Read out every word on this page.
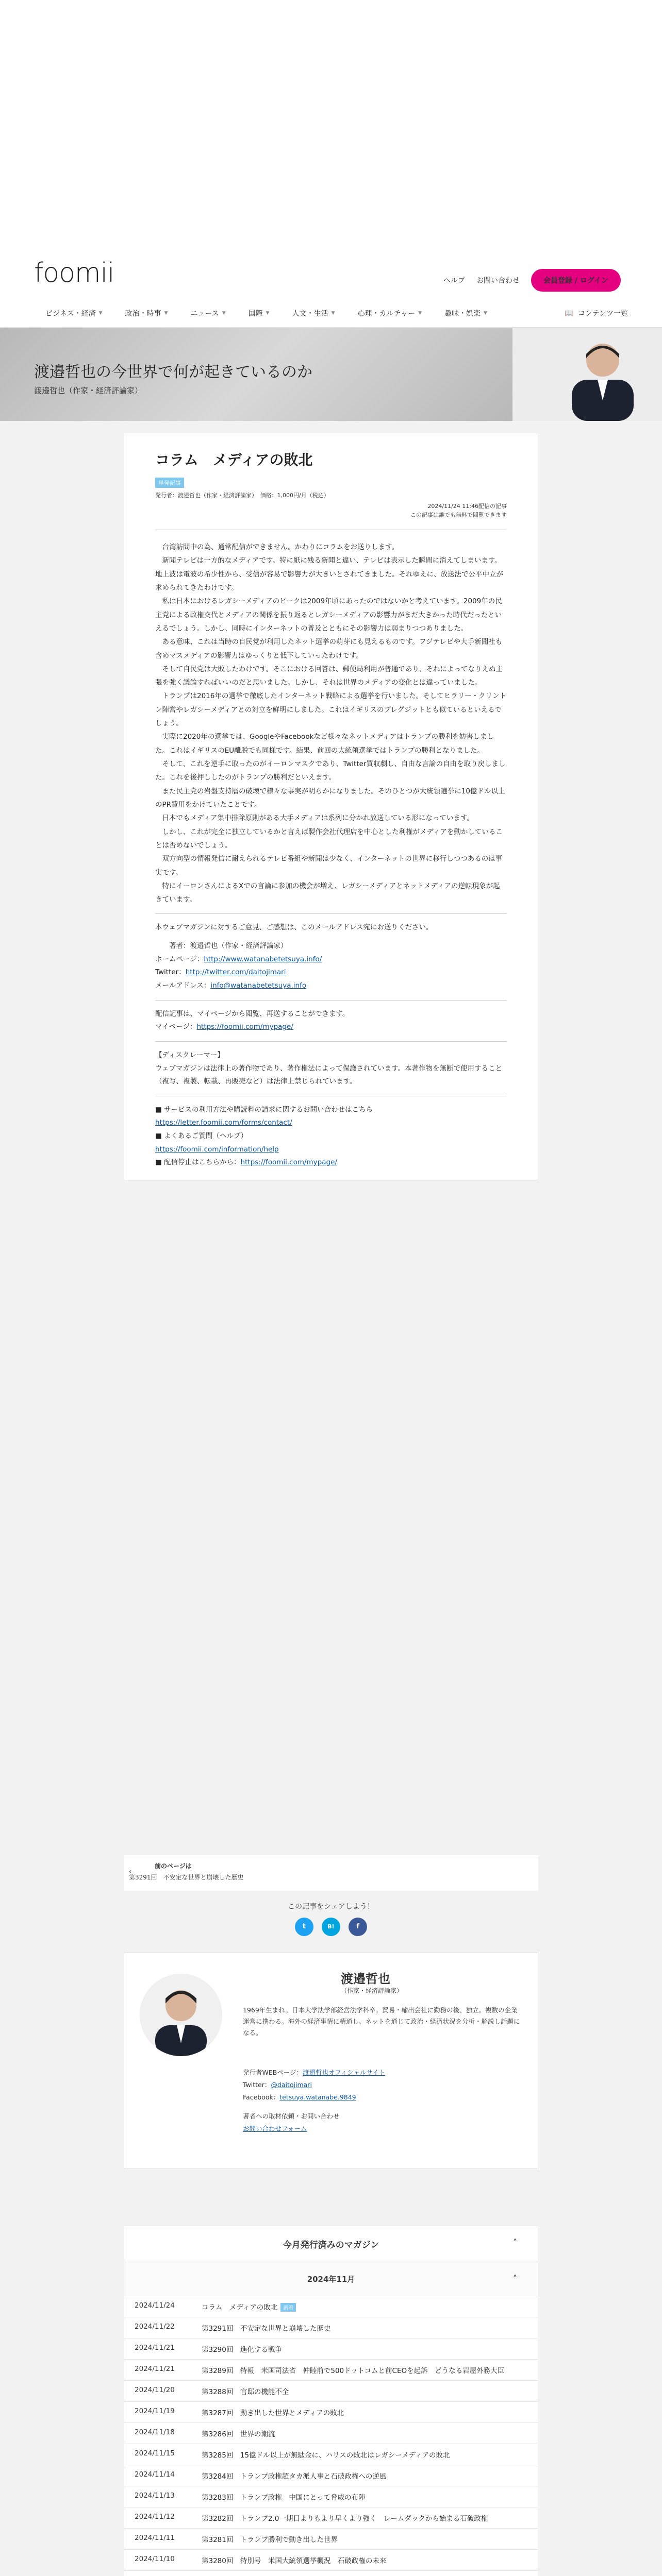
foomii	ヘルプ お問い合わせ	会員登録 / ログイン
ビジネス・経済 ▼	政治・時事 ▼	ニュース ▼	国際 ▼	人文・生活 ▼	心理・カルチャー ▼	趣味・娯楽 ▼	📖 コンテンツ一覧
渡邉哲也の今世界で何が起きているのか
渡邉哲也（作家・経済評論家）
コラム　メディアの敗北
単発記事
発行者：渡邉哲也（作家・経済評論家）　価格：1,000円/月（税込）
2024/11/24 11:46配信の記事
この記事は誰でも無料で閲覧できます

台湾訪問中の為、通常配信ができません。かわりにコラムをお送りします。

新聞テレビは一方的なメディアです。特に紙に残る新聞と違い、テレビは表示した瞬間に消えてしまいます。地上波は電波の希少性から、受信が容易で影響力が大きいとされてきました。それゆえに、放送法で公平中立が求められてきたわけです。

私は日本におけるレガシーメディアのピークは2009年頃にあったのではないかと考えています。2009年の民主党による政権交代とメディアの関係を振り返るとレガシーメディアの影響力がまだ大きかった時代だったといえるでしょう。しかし、同時にインターネットの普及とともにその影響力は弱まりつつありました。

ある意味、これは当時の自民党が利用したネット選挙の萌芽にも見えるものです。フジテレビや大手新聞社も含めマスメディアの影響力はゆっくりと低下していったわけです。

そして自民党は大敗したわけです。そこにおける回答は、郵便局利用が普通であり、それによってなりえぬ主張を強く議論すればいいのだと思いました。しかし、それは世界のメディアの変化とは違っていました。

トランプは2016年の選挙で徹底したインターネット戦略による選挙を行いました。そしてヒラリー・クリントン陣営やレガシーメディアとの対立を鮮明にしました。これはイギリスのブレグジットとも似ているといえるでしょう。

実際に2020年の選挙では、GoogleやFacebookなど様々なネットメディアはトランプの勝利を妨害しました。これはイギリスのEU離脱でも同様です。結果、前回の大統領選挙ではトランプの勝利となりました。

そして、これを逆手に取ったのがイーロンマスクであり、Twitter買収劇し、自由な言論の自由を取り戻しました。これを後押ししたのがトランプの勝利だといえます。

また民主党の岩盤支持層の破壊で様々な事実が明らかになりました。そのひとつが大統領選挙に10億ドル以上のPR費用をかけていたことです。

日本でもメディア集中排除原則がある大手メディアは系列に分かれ放送している形になっています。

しかし、これが完全に独立しているかと言えば製作会社代理店を中心とした利権がメディアを動かしていることは否めないでしょう。

双方向型の情報発信に耐えられるテレビ番組や新聞は少なく、インターネットの世界に移行しつつあるのは事実です。

特にイーロンさんによるXでの言論に参加の機会が増え、レガシーメディアとネットメディアの逆転現象が起きています。

本ウェブマガジンに対するご意見、ご感想は、このメールアドレス宛にお送りください。
著者：渡邉哲也（作家・経済評論家）
ホームページ：http://www.watanabetetsuya.info/
Twitter：http://twitter.com/daitojimari
メールアドレス：info@watanabetetsuya.info
配信記事は、マイページから閲覧、再送することができます。
マイページ：https://foomii.com/mypage/
【ディスクレーマー】
ウェブマガジンは法律上の著作物であり、著作権法によって保護されています。本著作物を無断で使用すること（複写、複製、転載、再販売など）は法律上禁じられています。
■ サービスの利用方法や購読料の請求に関するお問い合わせはこちら
https://letter.foomii.com/forms/contact/
■ よくあるご質問（ヘルプ）
https://foomii.com/information/help
■ 配信停止はこちらから：https://foomii.com/mypage/
‹
前のページは
第3291回　不安定な世界と崩壊した歴史
この記事をシェアしよう！
t	B!	f
渡邉哲也
（作家・経済評論家）
1969年生まれ。日本大学法学部経営法学科卒。貿易・輸出会社に勤務の後、独立。複数の企業運営に携わる。海外の経済事情に精通し、ネットを通じて政治・経済状況を分析・解説し話題になる。
発行者WEBページ：渡邉哲也オフィシャルサイト
Twitter：@daitojimari
Facebook：tetsuya.watanabe.9849
著者への取材依頼・お問い合わせ
お問い合わせフォーム
今月発行済みのマガジン	˄
2024年11月	˄
2024/11/24	コラム　メディアの敗北 新着
2024/11/22	第3291回　不安定な世界と崩壊した歴史
2024/11/21	第3290回　進化する戦争
2024/11/21	第3289回　特報　米国司法省　仲睦前で500ドットコムと前CEOを起訴　どうなる岩屋外務大臣
2024/11/20	第3288回　官邸の機能不全
2024/11/19	第3287回　動き出した世界とメディアの敗北
2024/11/18	第3286回　世界の潮流
2024/11/15	第3285回　15億ドル以上が無駄金に、ハリスの敗北はレガシーメディアの敗北
2024/11/14	第3284回　トランプ政権超タカ派人事と石破政権への逆風
2024/11/13	第3283回　トランプ政権　中国にとって脅威の布陣
2024/11/12	第3282回　トランプ2.0一期目よりもより早くより強く　レームダックから始まる石破政権
2024/11/11	第3281回　トランプ勝利で動き出した世界
2024/11/10	第3280回　特別号　米国大統領選挙概況　石破政権の未来
